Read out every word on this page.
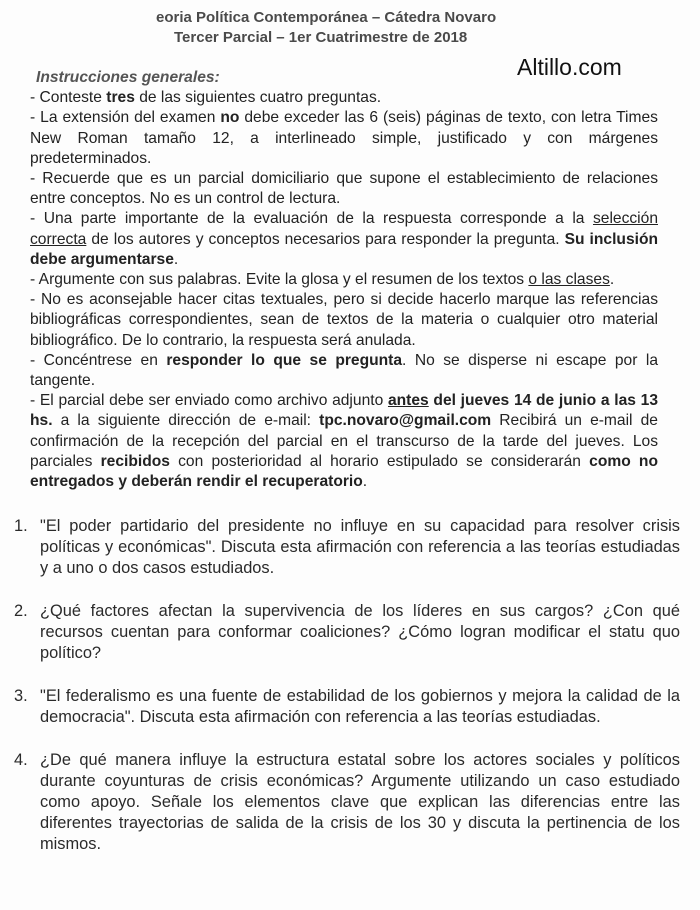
eoria Política Contemporánea – Cátedra Novaro
Tercer Parcial – 1er Cuatrimestre de 2018
Altillo.com
Instrucciones generales:

- Conteste tres de las siguientes cuatro preguntas.

- La extensión del examen no debe exceder las 6 (seis) páginas de texto, con letra Times New Roman tamaño 12, a interlineado simple, justificado y con márgenes predeterminados.

- Recuerde que es un parcial domiciliario que supone el establecimiento de relaciones entre conceptos. No es un control de lectura.

- Una parte importante de la evaluación de la respuesta corresponde a la selección correcta de los autores y conceptos necesarios para responder la pregunta. Su inclusión debe argumentarse.

- Argumente con sus palabras. Evite la glosa y el resumen de los textos o las clases.

- No es aconsejable hacer citas textuales, pero si decide hacerlo marque las referencias bibliográficas correspondientes, sean de textos de la materia o cualquier otro material bibliográfico. De lo contrario, la respuesta será anulada.

- Concéntrese en responder lo que se pregunta. No se disperse ni escape por la tangente.

- El parcial debe ser enviado como archivo adjunto antes del jueves 14 de junio a las 13 hs. a la siguiente dirección de e-mail: tpc.novaro@gmail.com Recibirá un e-mail de confirmación de la recepción del parcial en el transcurso de la tarde del jueves. Los parciales recibidos con posterioridad al horario estipulado se considerarán como no entregados y deberán rendir el recuperatorio.

1. "El poder partidario del presidente no influye en su capacidad para resolver crisis políticas y económicas". Discuta esta afirmación con referencia a las teorías estudiadas y a uno o dos casos estudiados.
2. ¿Qué factores afectan la supervivencia de los líderes en sus cargos? ¿Con qué recursos cuentan para conformar coaliciones? ¿Cómo logran modificar el statu quo político?
3. "El federalismo es una fuente de estabilidad de los gobiernos y mejora la calidad de la democracia". Discuta esta afirmación con referencia a las teorías estudiadas.
4. ¿De qué manera influye la estructura estatal sobre los actores sociales y políticos durante coyunturas de crisis económicas? Argumente utilizando un caso estudiado como apoyo. Señale los elementos clave que explican las diferencias entre las diferentes trayectorias de salida de la crisis de los 30 y discuta la pertinencia de los mismos.
